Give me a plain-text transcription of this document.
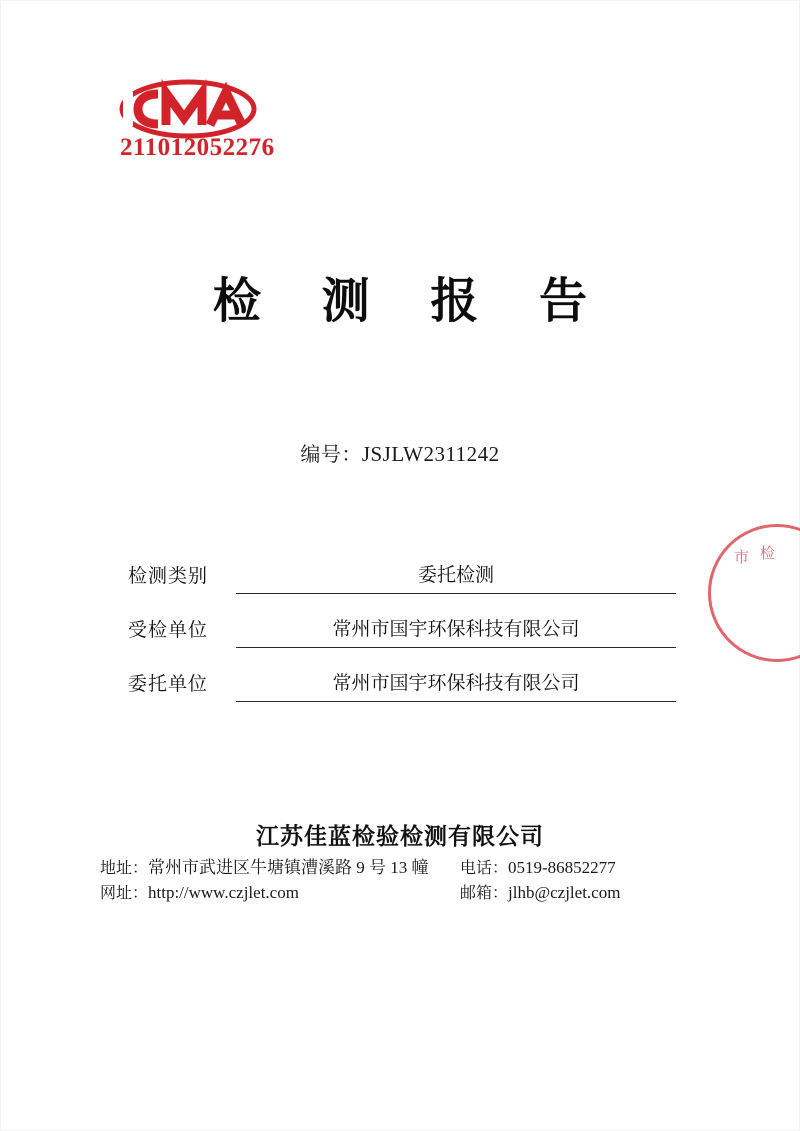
211012052276
检 测 报 告
编号：JSJLW2311242
检测类别	委托检测
受检单位	常州市国宇环保科技有限公司
委托单位	常州市国宇环保科技有限公司
市 检
江苏佳蓝检验检测有限公司
地址：常州市武进区牛塘镇漕溪路 9 号 13 幢 电话：0519-86852277
网址：http://www.czjlet.com	邮箱：jlhb@czjlet.com
